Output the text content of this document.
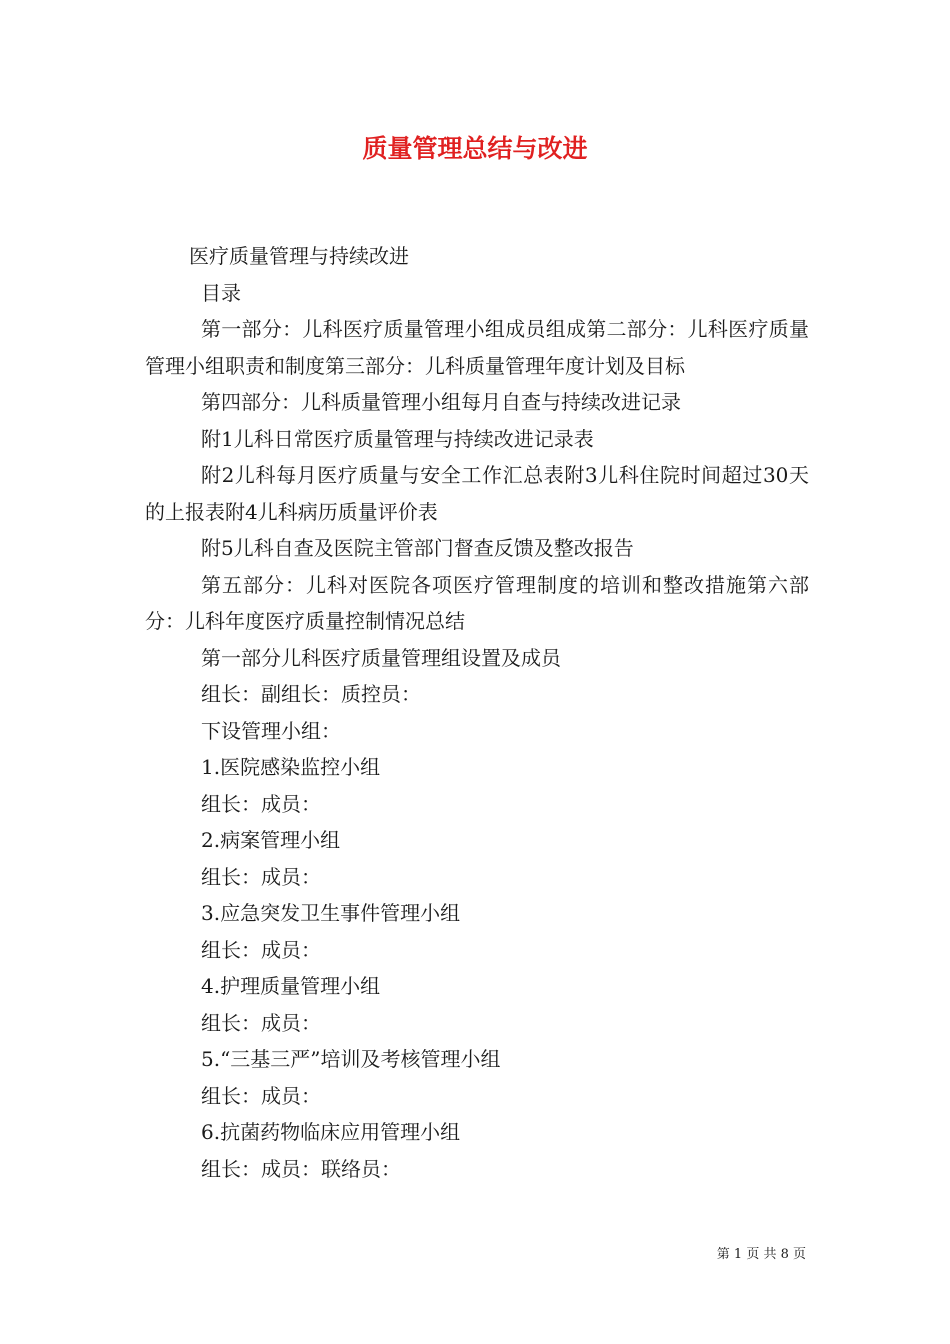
质量管理总结与改进

医疗质量管理与持续改进

目录

第一部分：儿科医疗质量管理小组成员组成第二部分：儿科医疗质量管理小组职责和制度第三部分：儿科质量管理年度计划及目标

第四部分：儿科质量管理小组每月自查与持续改进记录

附1儿科日常医疗质量管理与持续改进记录表

附2儿科每月医疗质量与安全工作汇总表附3儿科住院时间超过30天的上报表附4儿科病历质量评价表

附5儿科自查及医院主管部门督查反馈及整改报告

第五部分：儿科对医院各项医疗管理制度的培训和整改措施第六部分：儿科年度医疗质量控制情况总结

第一部分儿科医疗质量管理组设置及成员

组长：副组长：质控员：

下设管理小组：

1.医院感染监控小组

组长：成员：

2.病案管理小组

组长：成员：

3.应急突发卫生事件管理小组

组长：成员：

4.护理质量管理小组

组长：成员：

5.“三基三严”培训及考核管理小组

组长：成员：

6.抗菌药物临床应用管理小组

组长：成员：联络员：

第 1 页 共 8 页
